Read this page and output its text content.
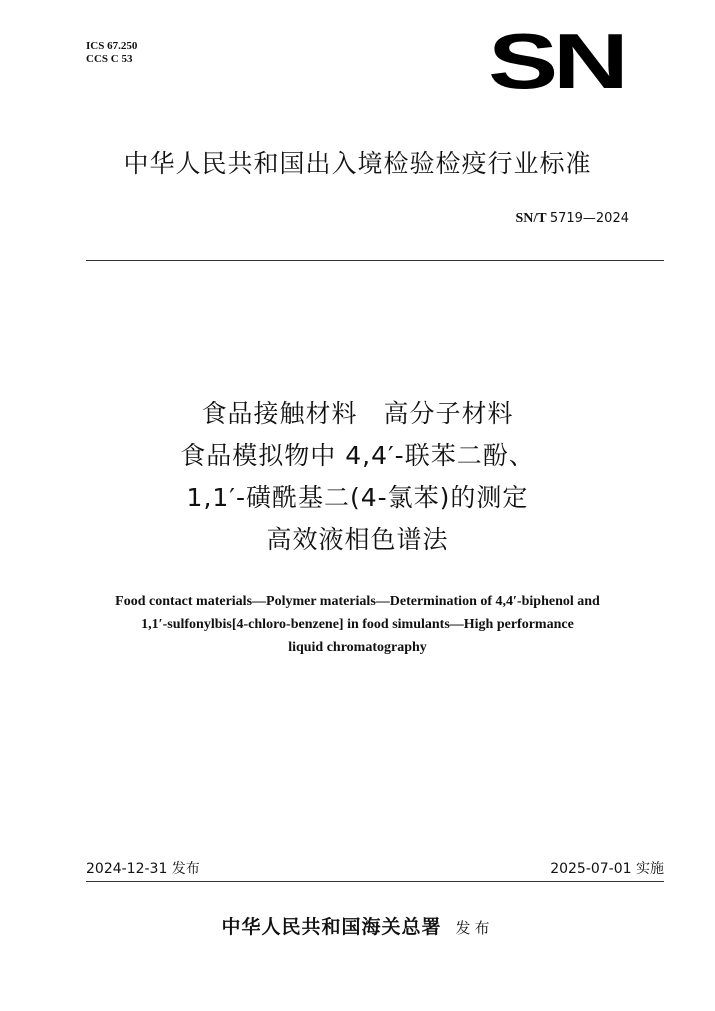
ICS 67.250
CCS C 53	SN
中华人民共和国出入境检验检疫行业标准
SN/T 5719—2024
食品接触材料　高分子材料
食品模拟物中 4,4′-联苯二酚、
1,1′-磺酰基二(4-氯苯)的测定
高效液相色谱法
Food contact materials—Polymer materials—Determination of 4,4′-biphenol and
1,1′-sulfonylbis[4-chloro-benzene] in food simulants—High performance
liquid chromatography
2024-12-31 发布	2025-07-01 实施
中华人民共和国海关总署 发布
